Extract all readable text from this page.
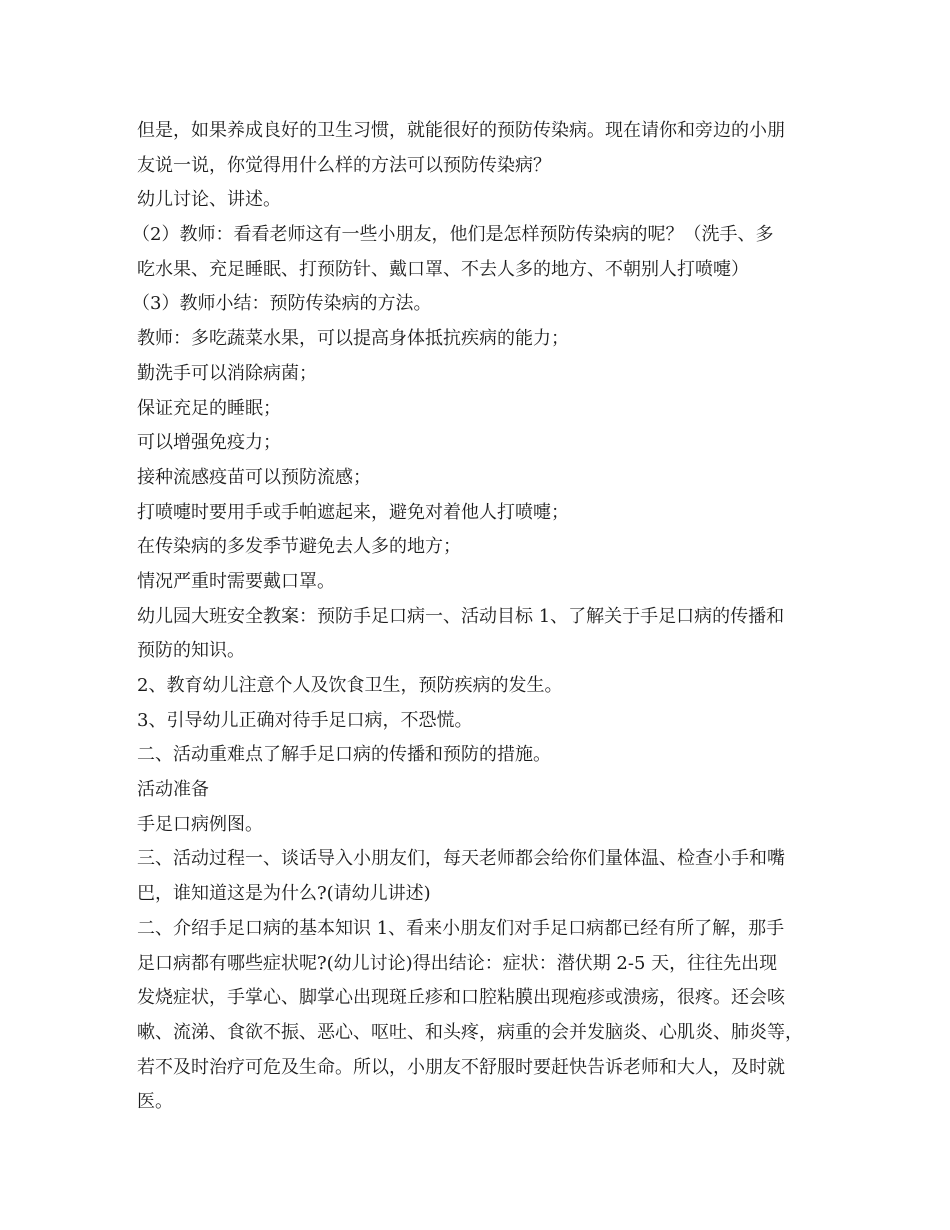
但是，如果养成良好的卫生习惯，就能很好的预防传染病。现在请你和旁边的小朋

友说一说，你觉得用什么样的方法可以预防传染病？

幼儿讨论、讲述。

（2）教师：看看老师这有一些小朋友，他们是怎样预防传染病的呢？（洗手、多

吃水果、充足睡眠、打预防针、戴口罩、不去人多的地方、不朝别人打喷嚏）

（3）教师小结：预防传染病的方法。

教师：多吃蔬菜水果，可以提高身体抵抗疾病的能力；

勤洗手可以消除病菌；

保证充足的睡眠；

可以增强免疫力；

接种流感疫苗可以预防流感；

打喷嚏时要用手或手帕遮起来，避免对着他人打喷嚏；

在传染病的多发季节避免去人多的地方；

情况严重时需要戴口罩。

幼儿园大班安全教案：预防手足口病一、活动目标 1、了解关于手足口病的传播和

预防的知识。

2、教育幼儿注意个人及饮食卫生，预防疾病的发生。

3、引导幼儿正确对待手足口病，不恐慌。

二、活动重难点了解手足口病的传播和预防的措施。

活动准备

手足口病例图。

三、活动过程一、谈话导入小朋友们，每天老师都会给你们量体温、检查小手和嘴

巴，谁知道这是为什么?(请幼儿讲述)

二、介绍手足口病的基本知识 1、看来小朋友们对手足口病都已经有所了解，那手

足口病都有哪些症状呢?(幼儿讨论)得出结论：症状：潜伏期 2-5 天，往往先出现

发烧症状，手掌心、脚掌心出现斑丘疹和口腔粘膜出现疱疹或溃疡，很疼。还会咳

嗽、流涕、食欲不振、恶心、呕吐、和头疼，病重的会并发脑炎、心肌炎、肺炎等，

若不及时治疗可危及生命。所以，小朋友不舒服时要赶快告诉老师和大人，及时就

医。
